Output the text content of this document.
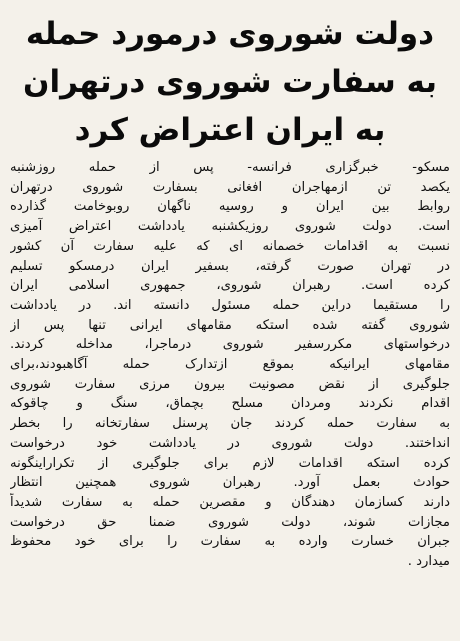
دولت شوروی درمورد حمله
به سفارت شوروی درتهران
به ایران اعتراض کرد
مسکو- خبرگزاری فرانسه- پس از حمله روزشنبه
یکصد تن ازمهاجران افغانی بسفارت شوروی درتهران
روابط بین ایران و روسیه ناگهان روبوخامت گذارده
است. دولت شوروی روزیکشنبه یادداشت اعتراض آمیزی
نسبت به اقدامات خصمانه ای که علیه سفارت آن کشور
در تهران صورت گرفته، بسفیر ایران درمسکو تسلیم
کرده است. رهبران شوروی، جمهوری اسلامی ایران
را مستقیما دراین حمله مسئول دانسته اند. در یادداشت
شوروی گفته شده استکه مقامهای ایرانی تنها پس از
درخواستهای مکررسفیر شوروی درماجرا، مداخله کردند.
مقامهای ایرانیکه بموقع ازتدارک حمله آگاهبودند،برای
جلوگیری از نقض مصونیت بیرون مرزی سفارت شوروی
اقدام نکردند ومردان مسلح بچماق، سنگ و چاقوکه
به سفارت حمله کردند جان پرسنل سفارتخانه را بخطر
انداختند. دولت شوروی در یادداشت خود درخواست
کرده استکه اقدامات لازم برای جلوگیری از تکراراینگونه
حوادث بعمل آورد. رهبران شوروی همچنین انتظار
دارند کسازمان دهندگان و مقصرین حمله به سفارت شدیداً
مجازات شوند، دولت شوروی ضمنا حق درخواست
جبران خسارت وارده به سفارت را برای خود محفوظ
میدارد .
